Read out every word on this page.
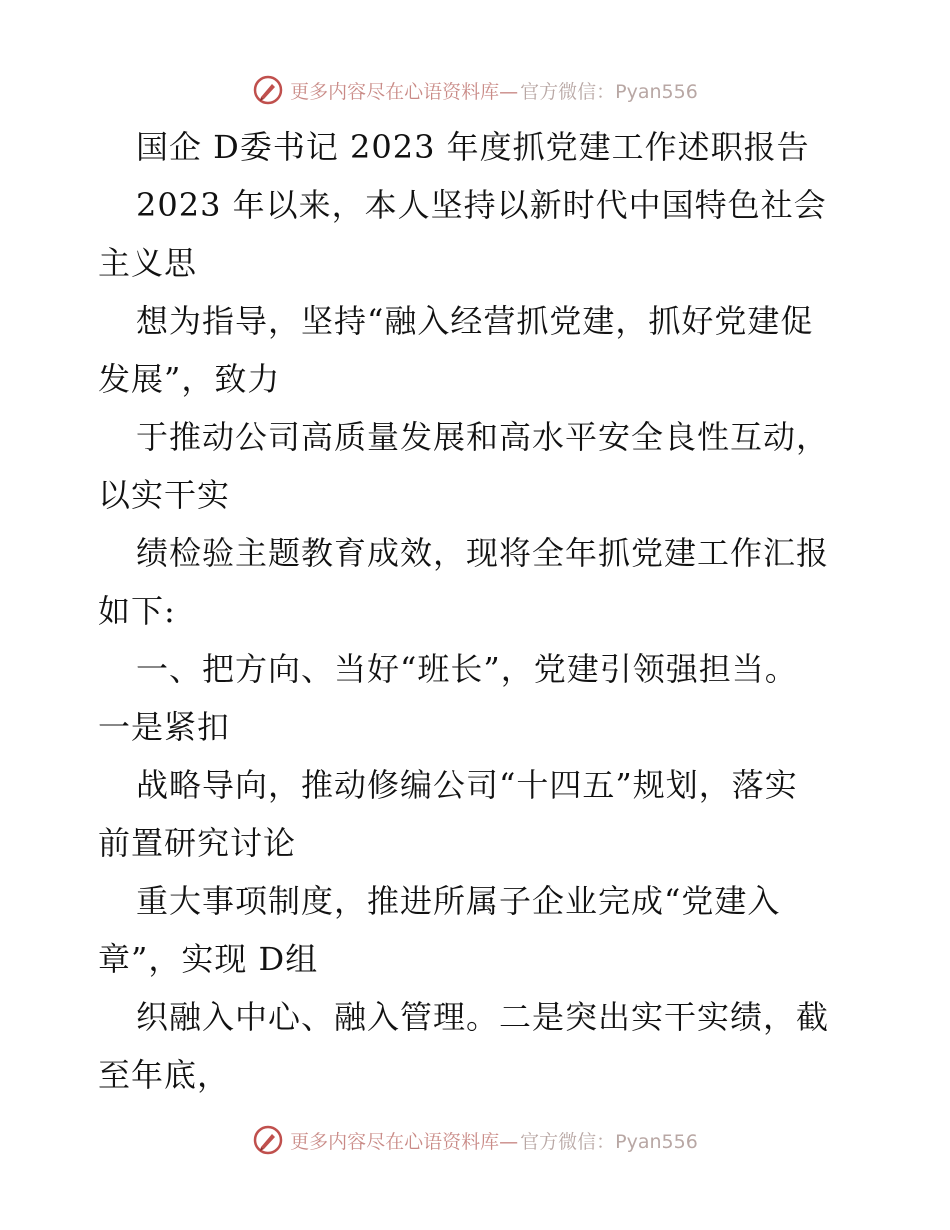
更多内容尽在心语资料库— 官方微信：Pyan556
国企 D委书记 2023 年度抓党建工作述职报告
2023 年以来，本人坚持以新时代中国特色社会
主义思
想为指导，坚持“融入经营抓党建，抓好党建促
发展”，致力
于推动公司高质量发展和高水平安全良性互动，
以实干实
绩检验主题教育成效，现将全年抓党建工作汇报
如下:
一、把方向、当好“班长”，党建引领强担当。
一是紧扣
战略导向，推动修编公司“十四五”规划，落实
前置研究讨论
重大事项制度，推进所属子企业完成“党建入
章”，实现 D组
织融入中心、融入管理。二是突出实干实绩，截
至年底，
更多内容尽在心语资料库— 官方微信：Pyan556
